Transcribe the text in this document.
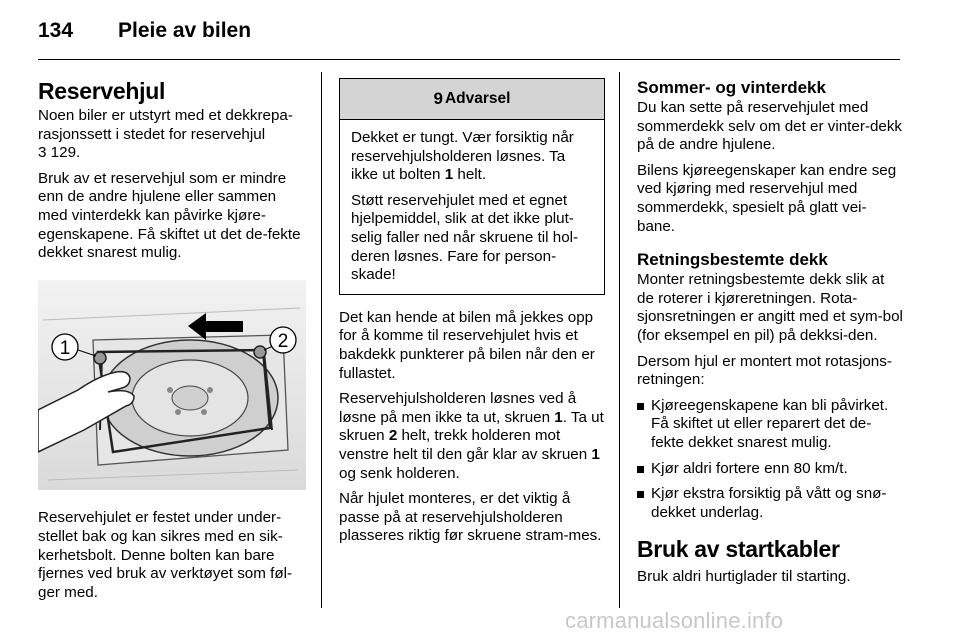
134 Pleie av bilen
Reservehjul

Noen biler er utstyrt med et dekkrepa-rasjonssett i stedet for reservehjul
3 129.

Bruk av et reservehjul som er mindre enn de andre hjulene eller sammen med vinterdekk kan påvirke kjøre-egenskapene. Få skiftet ut det de-fekte dekket snarest mulig.

1	2

Reservehjulet er festet under under-stellet bak og kan sikres med en sik-kerhetsbolt. Denne bolten kan bare fjernes ved bruk av verktøyet som føl-ger med.

9 Advarsel

Dekket er tungt. Vær forsiktig når reservehjulsholderen løsnes. Ta ikke ut bolten 1 helt.

Støtt reservehjulet med et egnet hjelpemiddel, slik at det ikke plut-selig faller ned når skruene til hol-deren løsnes. Fare for person-skade!

Det kan hende at bilen må jekkes opp for å komme til reservehjulet hvis et bakdekk punkterer på bilen når den er fullastet.

Reservehjulsholderen løsnes ved å løsne på men ikke ta ut, skruen 1. Ta ut skruen 2 helt, trekk holderen mot venstre helt til den går klar av skruen 1 og senk holderen.

Når hjulet monteres, er det viktig å passe på at reservehjulsholderen plasseres riktig før skruene stram-mes.

Sommer- og vinterdekk

Du kan sette på reservehjulet med sommerdekk selv om det er vinter-dekk på de andre hjulene.

Bilens kjøreegenskaper kan endre seg ved kjøring med reservehjul med sommerdekk, spesielt på glatt vei-bane.

Retningsbestemte dekk

Monter retningsbestemte dekk slik at de roterer i kjøreretningen. Rota-sjonsretningen er angitt med et sym-bol (for eksempel en pil) på dekksi-den.

Dersom hjul er montert mot rotasjons-retningen:

Kjøreegenskapene kan bli påvirket. Få skiftet ut eller reparert det de-fekte dekket snarest mulig.
Kjør aldri fortere enn 80 km/t.
Kjør ekstra forsiktig på vått og snø-dekket underlag.
Bruk av startkabler

Bruk aldri hurtiglader til starting.

carmanualsonline.info
